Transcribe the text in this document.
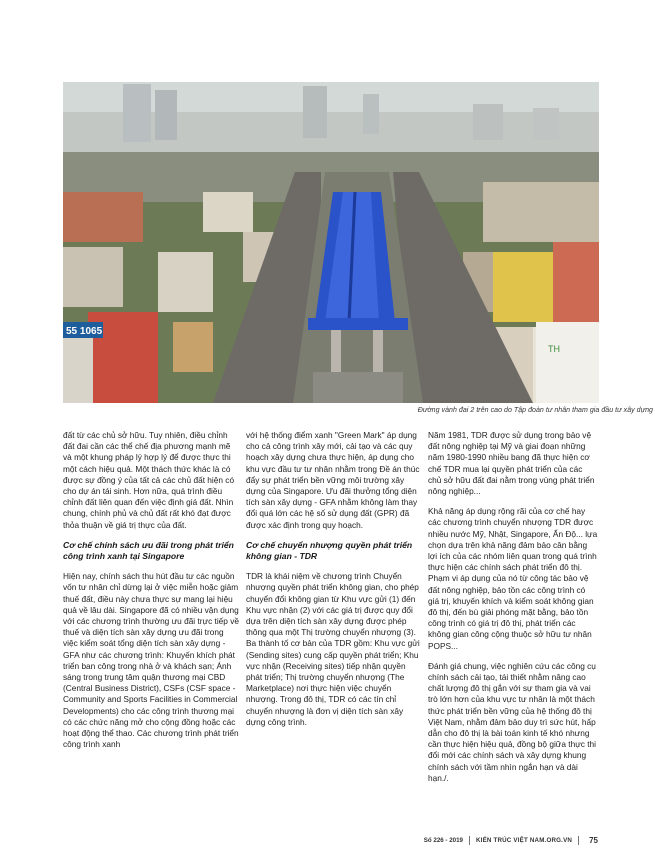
55 1065
TH
Đường vành đai 2 trên cao do Tập đoàn tư nhân tham gia đầu tư xây dựng

đất từ các chủ sở hữu. Tuy nhiên, điều chỉnh đất đai cần các thể chế địa phương mạnh mẽ và một khung pháp lý hợp lý để được thực thi một cách hiệu quả. Một thách thức khác là có được sự đồng ý của tất cả các chủ đất hiện có cho dự án tái sinh. Hơn nữa, quá trình điều chỉnh đất liên quan đến việc định giá đất. Nhìn chung, chính phủ và chủ đất rất khó đạt được thỏa thuận về giá trị thực của đất.

Cơ chế chính sách ưu đãi trong phát triển công trình xanh tại Singapore

Hiện nay, chính sách thu hút đầu tư các nguồn vốn tư nhân chỉ dừng lại ở việc miễn hoặc giảm thuế đất, điều này chưa thực sự mang lại hiệu quả về lâu dài. Singapore đã có nhiều vận dụng với các chương trình thường ưu đãi trực tiếp về thuế và diện tích sàn xây dựng ưu đãi trong việc kiểm soát tổng diện tích sàn xây dựng - GFA như các chương trình: Khuyến khích phát triển ban công trong nhà ở và khách sạn; Ánh sáng trong trung tâm quận thương mại CBD (Central Business District), CSFs (CSF space - Community and Sports Facilities in Commercial Developments) cho các công trình thương mại có các chức năng mở cho cộng đồng hoặc các hoạt động thể thao. Các chương trình phát triển công trình xanh

với hệ thống điểm xanh "Green Mark" áp dụng cho cả công trình xây mới, cải tạo và các quy hoạch xây dựng chưa thực hiện, áp dụng cho khu vực đầu tư tư nhân nhằm trong Đề án thúc đẩy sự phát triển bền vững môi trường xây dựng của Singapore. Ưu đãi thưởng tổng diện tích sàn xây dựng - GFA nhằm không làm thay đổi quá lớn các hệ số sử dụng đất (GPR) đã được xác định trong quy hoạch.

Cơ chế chuyển nhượng quyền phát triển không gian - TDR

TDR là khái niệm về chương trình Chuyển nhượng quyền phát triển không gian, cho phép chuyển đổi không gian từ Khu vực gửi (1) đến Khu vực nhận (2) với các giá trị được quy đổi dựa trên diện tích sàn xây dựng được phép thông qua một Thị trường chuyển nhượng (3). Ba thành tố cơ bản của TDR gồm: Khu vực gửi (Sending sites) cung cấp quyền phát triển; Khu vực nhận (Receiving sites) tiếp nhận quyền phát triển; Thị trường chuyển nhượng (The Marketplace) nơi thực hiện việc chuyển nhượng. Trong đô thị, TDR có các tín chỉ chuyển nhượng là đơn vị diện tích sàn xây dựng công trình.

Năm 1981, TDR được sử dụng trong bảo vệ đất nông nghiệp tại Mỹ và giai đoạn những năm 1980-1990 nhiều bang đã thực hiện cơ chế TDR mua lại quyền phát triển của các chủ sở hữu đất đai nằm trong vùng phát triển nông nghiệp...

Khả năng áp dụng rộng rãi của cơ chế hay các chương trình chuyển nhượng TDR được nhiều nước Mỹ, Nhật, Singapore, Ấn Độ... lựa chọn dựa trên khả năng đảm bảo cân bằng lợi ích của các nhóm liên quan trong quá trình thực hiện các chính sách phát triển đô thị. Phạm vi áp dụng của nó từ công tác bảo vệ đất nông nghiệp, bảo tồn các công trình có giá trị, khuyến khích và kiểm soát không gian đô thị, đến bù giải phóng mặt bằng, bảo tồn công trình có giá trị đô thị, phát triển các không gian công cộng thuộc sở hữu tư nhân POPS...

Đánh giá chung, việc nghiên cứu các công cụ chính sách cải tạo, tái thiết nhằm nâng cao chất lượng đô thị gắn với sự tham gia và vai trò lớn hơn của khu vực tư nhân là một thách thức phát triển bền vững của hệ thống đô thị Việt Nam, nhằm đảm bảo duy trì sức hút, hấp dẫn cho đô thị là bài toán kinh tế khó nhưng cần thực hiện hiệu quả, đồng bộ giữa thực thi đổi mới các chính sách và xây dựng khung chính sách với tầm nhìn ngắn hạn và dài hạn./.

Số 226 - 2019 KIẾN TRÚC VIỆT NAM.ORG.VN 75
